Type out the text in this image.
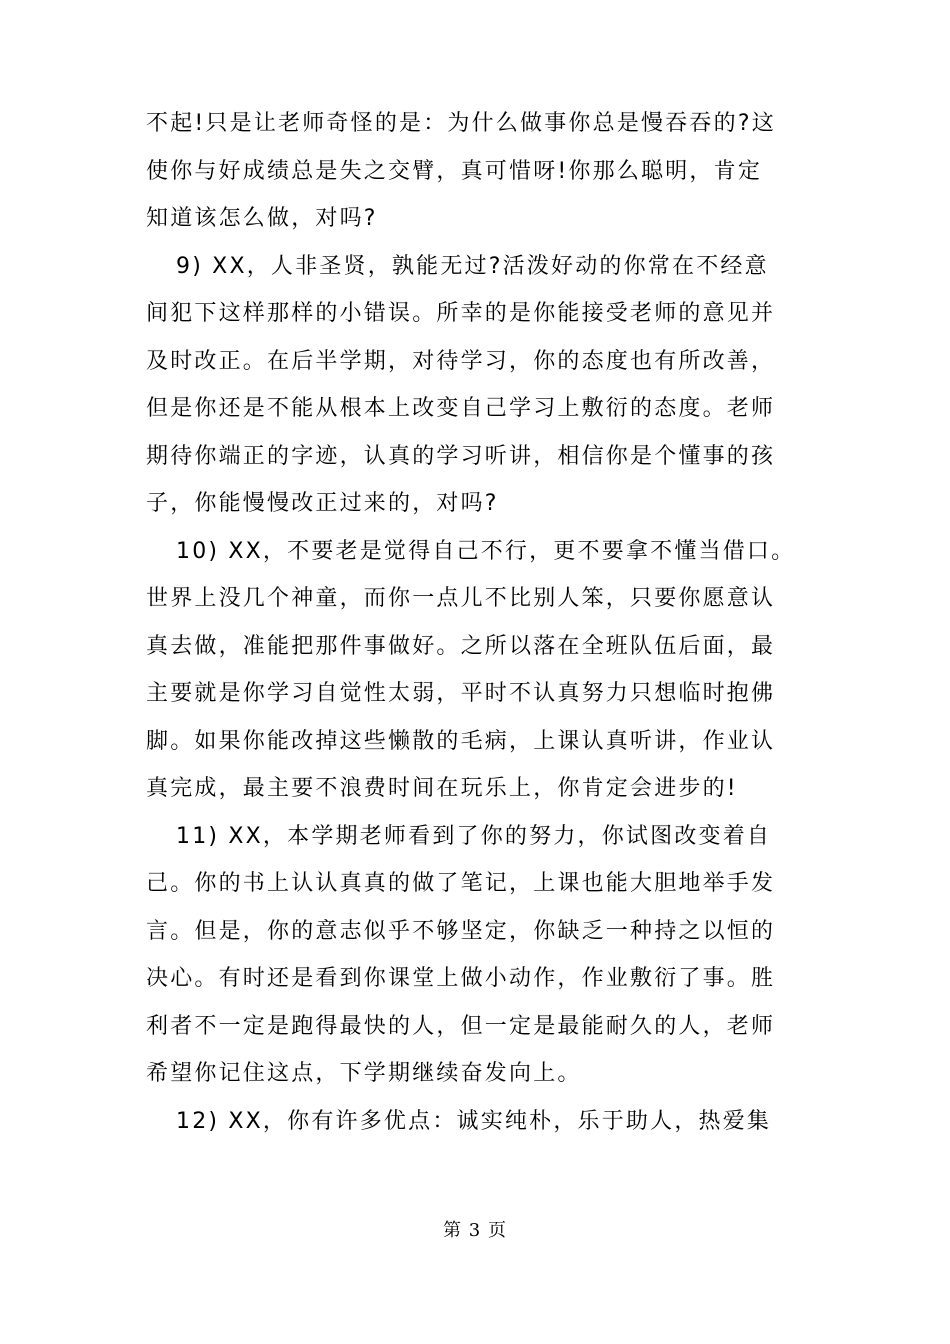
不起!只是让老师奇怪的是：为什么做事你总是慢吞吞的?这
使你与好成绩总是失之交臂，真可惜呀!你那么聪明，肯定
知道该怎么做，对吗?
9) XX，人非圣贤，孰能无过?活泼好动的你常在不经意
间犯下这样那样的小错误。所幸的是你能接受老师的意见并
及时改正。在后半学期，对待学习，你的态度也有所改善，
但是你还是不能从根本上改变自己学习上敷衍的态度。老师
期待你端正的字迹，认真的学习听讲，相信你是个懂事的孩
子，你能慢慢改正过来的，对吗?
10) XX，不要老是觉得自己不行，更不要拿不懂当借口。
世界上没几个神童，而你一点儿不比别人笨，只要你愿意认
真去做，准能把那件事做好。之所以落在全班队伍后面，最
主要就是你学习自觉性太弱，平时不认真努力只想临时抱佛
脚。如果你能改掉这些懒散的毛病，上课认真听讲，作业认
真完成，最主要不浪费时间在玩乐上，你肯定会进步的!
11) XX，本学期老师看到了你的努力，你试图改变着自
己。你的书上认认真真的做了笔记，上课也能大胆地举手发
言。但是，你的意志似乎不够坚定，你缺乏一种持之以恒的
决心。有时还是看到你课堂上做小动作，作业敷衍了事。胜
利者不一定是跑得最快的人，但一定是最能耐久的人，老师
希望你记住这点，下学期继续奋发向上。
12) XX，你有许多优点：诚实纯朴，乐于助人，热爱集
第 3 页
